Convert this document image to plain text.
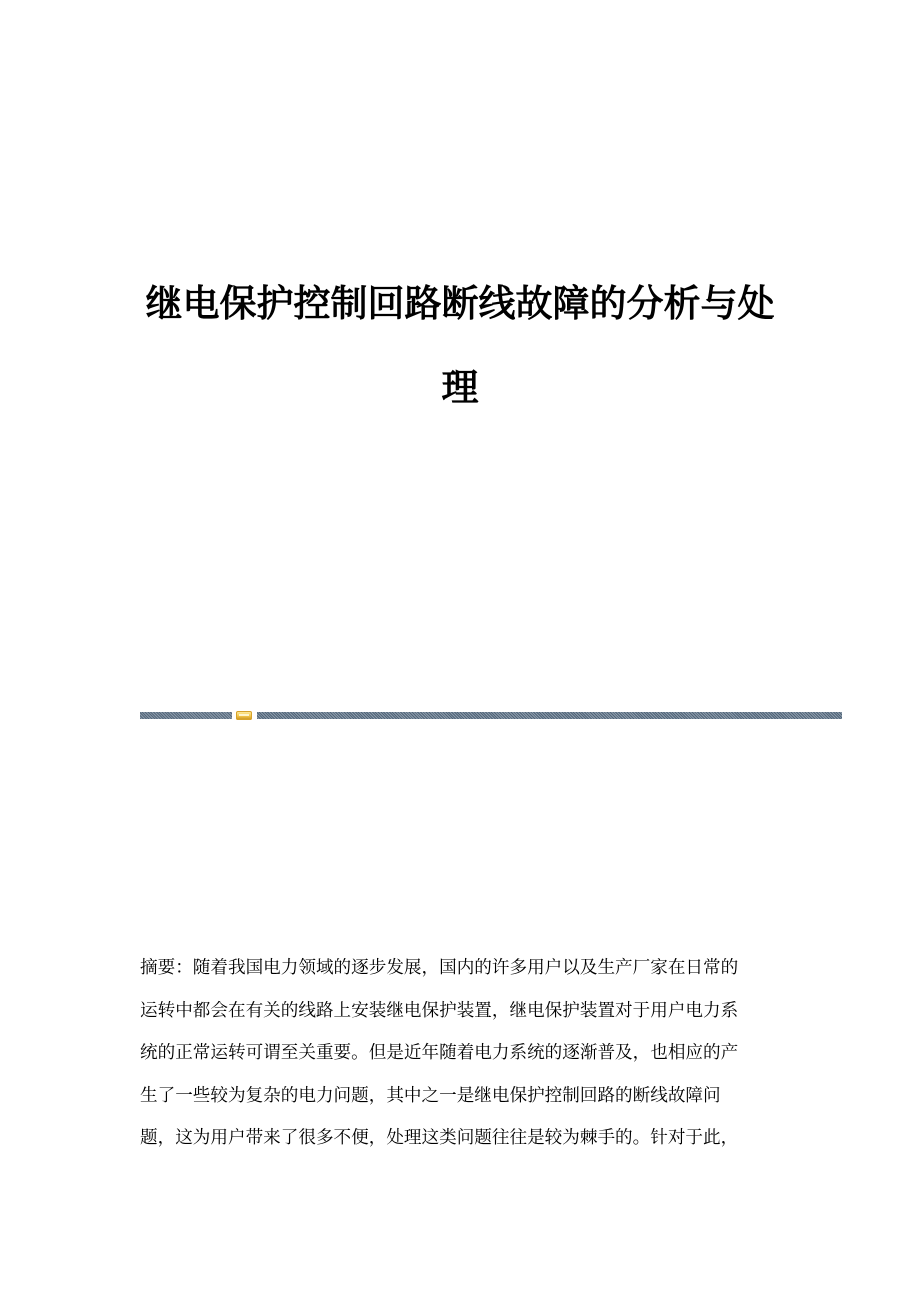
继电保护控制回路断线故障的分析与处
理

摘要：随着我国电力领域的逐步发展，国内的许多用户以及生产厂家在日常的
运转中都会在有关的线路上安装继电保护装置，继电保护装置对于用户电力系
统的正常运转可谓至关重要。但是近年随着电力系统的逐渐普及，也相应的产
生了一些较为复杂的电力问题，其中之一是继电保护控制回路的断线故障问
题，这为用户带来了很多不便，处理这类问题往往是较为棘手的。针对于此，
